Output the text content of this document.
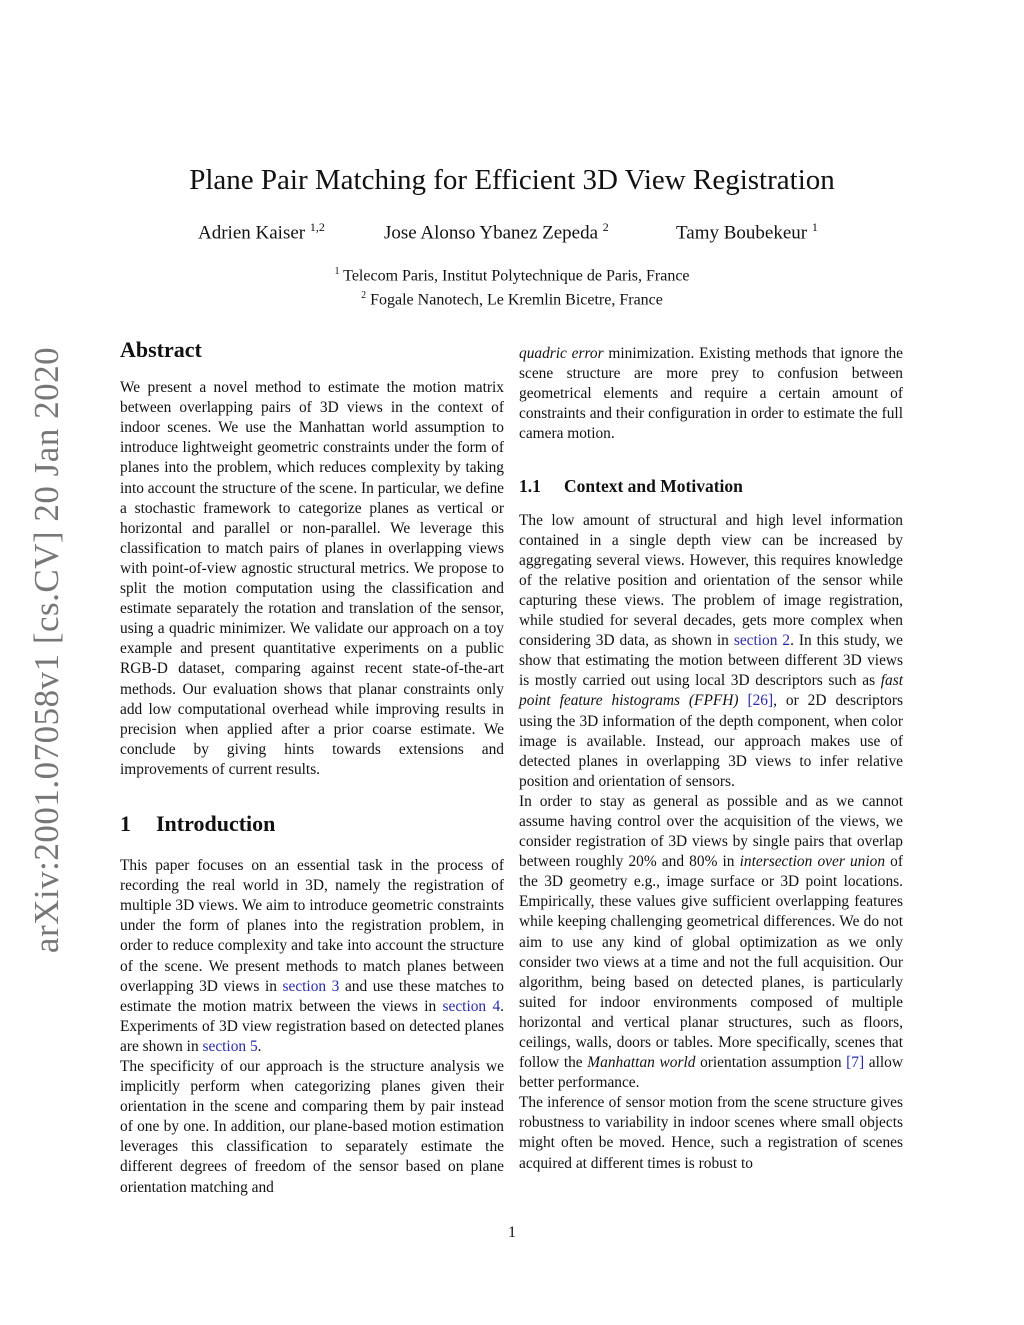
arXiv:2001.07058v1 [cs.CV] 20 Jan 2020
Plane Pair Matching for Efficient 3D View Registration
Adrien Kaiser $^{1,2}$	Jose Alonso Ybanez Zepeda $^2$	Tamy Boubekeur $^1$
$^1$ Telecom Paris, Institut Polytechnique de Paris, France
$^2$ Fogale Nanotech, Le Kremlin Bicetre, France
Abstract

We present a novel method to estimate the motion matrix between overlapping pairs of 3D views in the context of indoor scenes. We use the Manhattan world assumption to introduce lightweight geometric constraints under the form of planes into the problem, which reduces complexity by taking into account the structure of the scene. In particular, we define a stochastic framework to categorize planes as vertical or horizontal and parallel or non-parallel. We leverage this classification to match pairs of planes in overlapping views with point-of-view agnostic structural metrics. We propose to split the motion computation using the classification and estimate separately the rotation and translation of the sensor, using a quadric minimizer. We validate our approach on a toy example and present quantitative experiments on a public RGB-D dataset, comparing against recent state-of-the-art methods. Our evaluation shows that planar constraints only add low computational overhead while improving results in precision when applied after a prior coarse estimate. We conclude by giving hints towards extensions and improvements of current results.

1 Introduction

This paper focuses on an essential task in the process of recording the real world in 3D, namely the registration of multiple 3D views. We aim to introduce geometric constraints under the form of planes into the registration problem, in order to reduce complexity and take into account the structure of the scene. We present methods to match planes between overlapping 3D views in section 3 and use these matches to estimate the motion matrix between the views in section 4. Experiments of 3D view registration based on detected planes are shown in section 5.

The specificity of our approach is the structure analysis we implicitly perform when categorizing planes given their orientation in the scene and comparing them by pair instead of one by one. In addition, our plane-based motion estimation leverages this classification to separately estimate the different degrees of freedom of the sensor based on plane orientation matching and

quadric error minimization. Existing methods that ignore the scene structure are more prey to confusion between geometrical elements and require a certain amount of constraints and their configuration in order to estimate the full camera motion.

1.1 Context and Motivation

The low amount of structural and high level information contained in a single depth view can be increased by aggregating several views. However, this requires knowledge of the relative position and orientation of the sensor while capturing these views. The problem of image registration, while studied for several decades, gets more complex when considering 3D data, as shown in section 2. In this study, we show that estimating the motion between different 3D views is mostly carried out using local 3D descriptors such as fast point feature histograms (FPFH) [26], or 2D descriptors using the 3D information of the depth component, when color image is available. Instead, our approach makes use of detected planes in overlapping 3D views to infer relative position and orientation of sensors.

In order to stay as general as possible and as we cannot assume having control over the acquisition of the views, we consider registration of 3D views by single pairs that overlap between roughly 20% and 80% in intersection over union of the 3D geometry e.g., image surface or 3D point locations. Empirically, these values give sufficient overlapping features while keeping challenging geometrical differences. We do not aim to use any kind of global optimization as we only consider two views at a time and not the full acquisition. Our algorithm, being based on detected planes, is particularly suited for indoor environments composed of multiple horizontal and vertical planar structures, such as floors, ceilings, walls, doors or tables. More specifically, scenes that follow the Manhattan world orientation assumption [7] allow better performance.

The inference of sensor motion from the scene structure gives robustness to variability in indoor scenes where small objects might often be moved. Hence, such a registration of scenes acquired at different times is robust to

1
